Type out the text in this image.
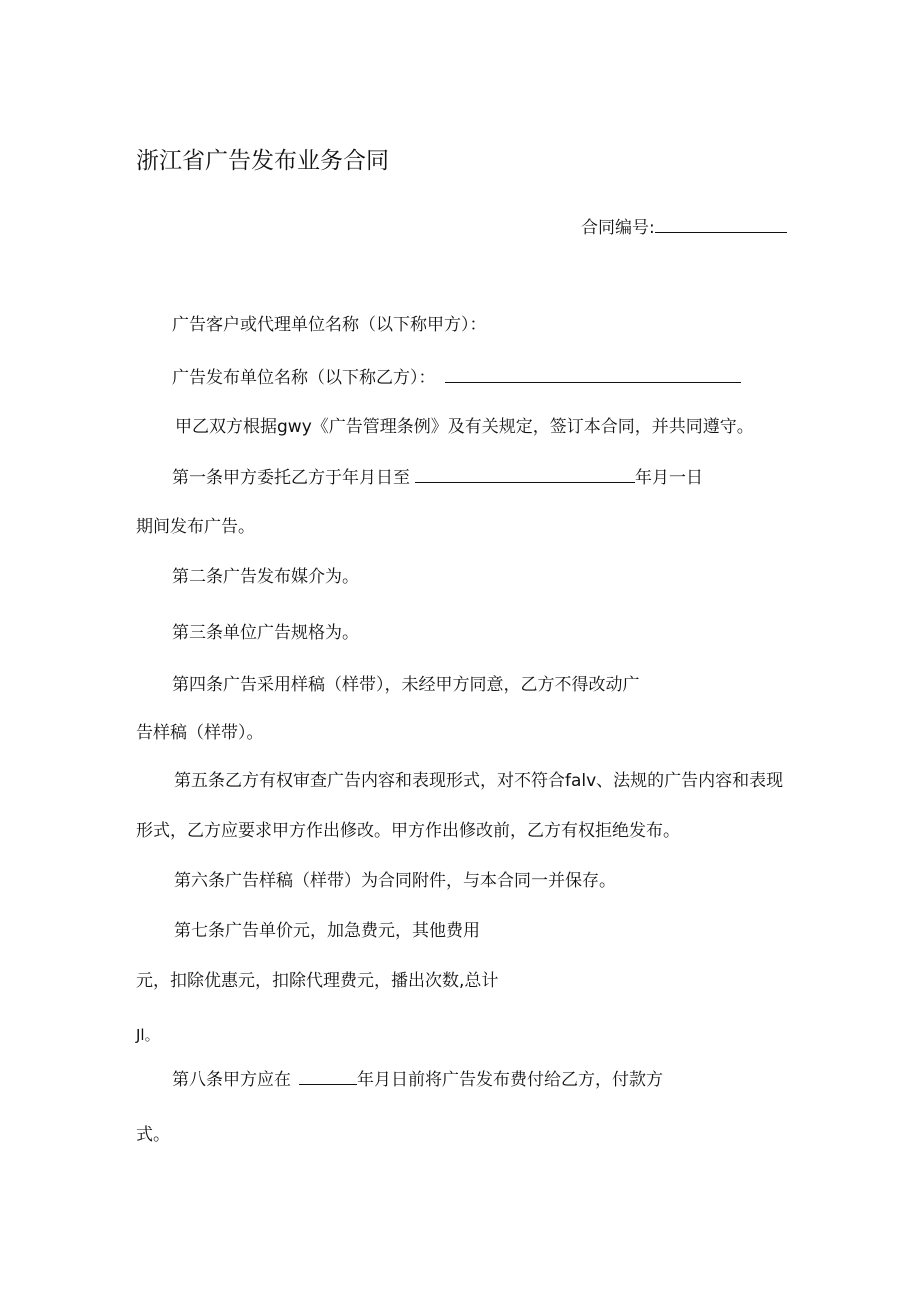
浙江省广告发布业务合同
合同编号:
广告客户或代理单位名称（以下称甲方）：
广告发布单位名称（以下称乙方）：
甲乙双方根据gwy《广告管理条例》及有关规定，签订本合同，并共同遵守。
第一条甲方委托乙方于年月日至	年月一日
期间发布广告。
第二条广告发布媒介为。
第三条单位广告规格为。
第四条广告采用样稿（样带），未经甲方同意，乙方不得改动广
告样稿（样带）。
第五条乙方有权审查广告内容和表现形式，对不符合falv、法规的广告内容和表现
形式，乙方应要求甲方作出修改。甲方作出修改前，乙方有权拒绝发布。
第六条广告样稿（样带）为合同附件，与本合同一并保存。
第七条广告单价元，加急费元，其他费用
元，扣除优惠元，扣除代理费元，播出次数,总计
Jl。
第八条甲方应在	年月日前将广告发布费付给乙方，付款方
式。
